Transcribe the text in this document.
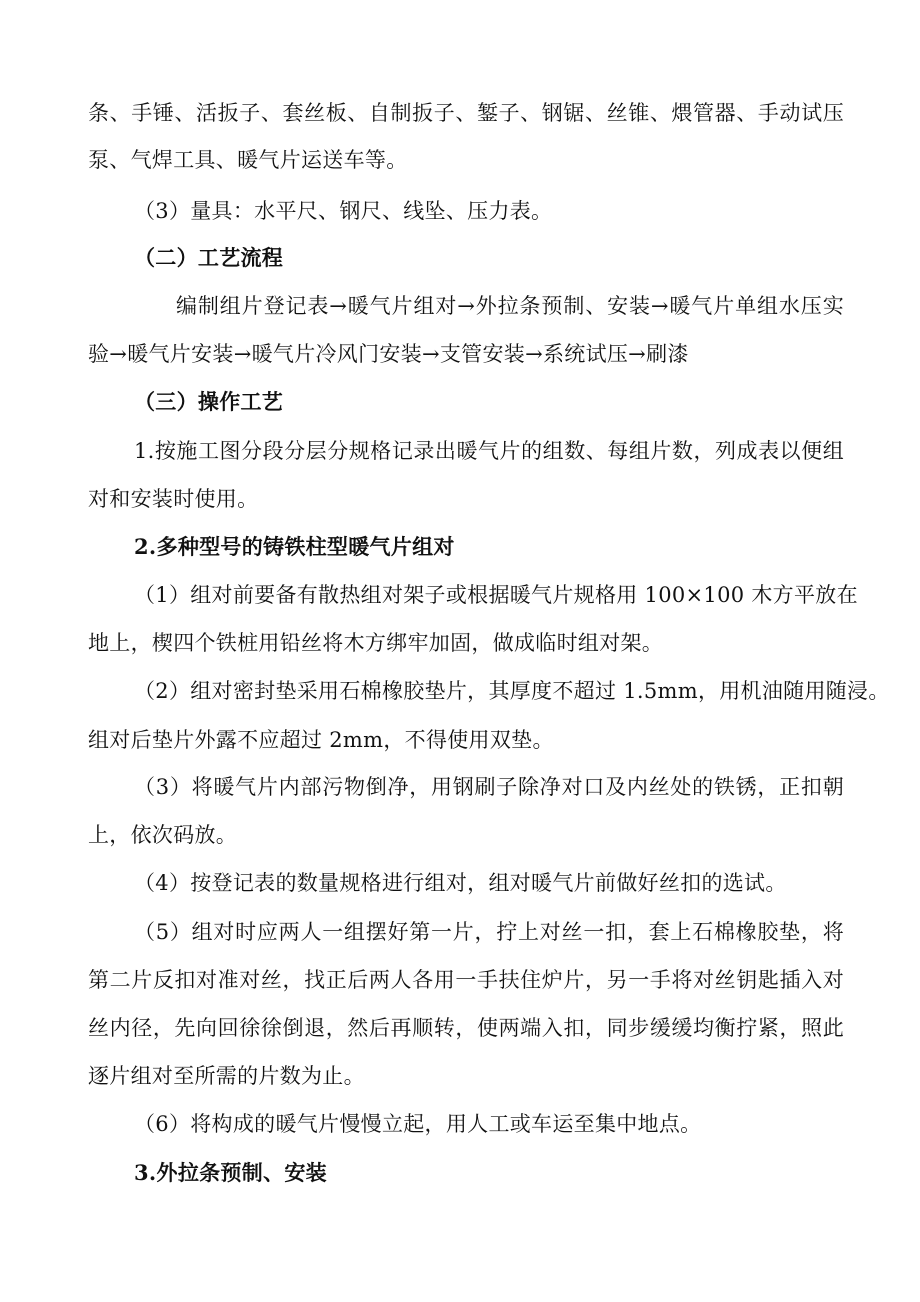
条、手锤、活扳子、套丝板、自制扳子、錾子、钢锯、丝锥、煨管器、手动试压
泵、气焊工具、暖气片运送车等。
（3）量具：水平尺、钢尺、线坠、压力表。
（二）工艺流程
编制组片登记表→暖气片组对→外拉条预制、安装→暖气片单组水压实
验→暖气片安装→暖气片冷风门安装→支管安装→系统试压→刷漆
（三）操作工艺
1.按施工图分段分层分规格记录出暖气片的组数、每组片数，列成表以便组
对和安装时使用。
2.多种型号的铸铁柱型暖气片组对
（1）组对前要备有散热组对架子或根据暖气片规格用 100×100 木方平放在
地上，楔四个铁桩用铅丝将木方绑牢加固，做成临时组对架。
（2）组对密封垫采用石棉橡胶垫片，其厚度不超过 1.5mm，用机油随用随浸。
组对后垫片外露不应超过 2mm，不得使用双垫。
（3）将暖气片内部污物倒净，用钢刷子除净对口及内丝处的铁锈，正扣朝
上，依次码放。
（4）按登记表的数量规格进行组对，组对暖气片前做好丝扣的选试。
（5）组对时应两人一组摆好第一片，拧上对丝一扣，套上石棉橡胶垫，将
第二片反扣对准对丝，找正后两人各用一手扶住炉片，另一手将对丝钥匙插入对
丝内径，先向回徐徐倒退，然后再顺转，使两端入扣，同步缓缓均衡拧紧，照此
逐片组对至所需的片数为止。
（6）将构成的暖气片慢慢立起，用人工或车运至集中地点。
3.外拉条预制、安装
